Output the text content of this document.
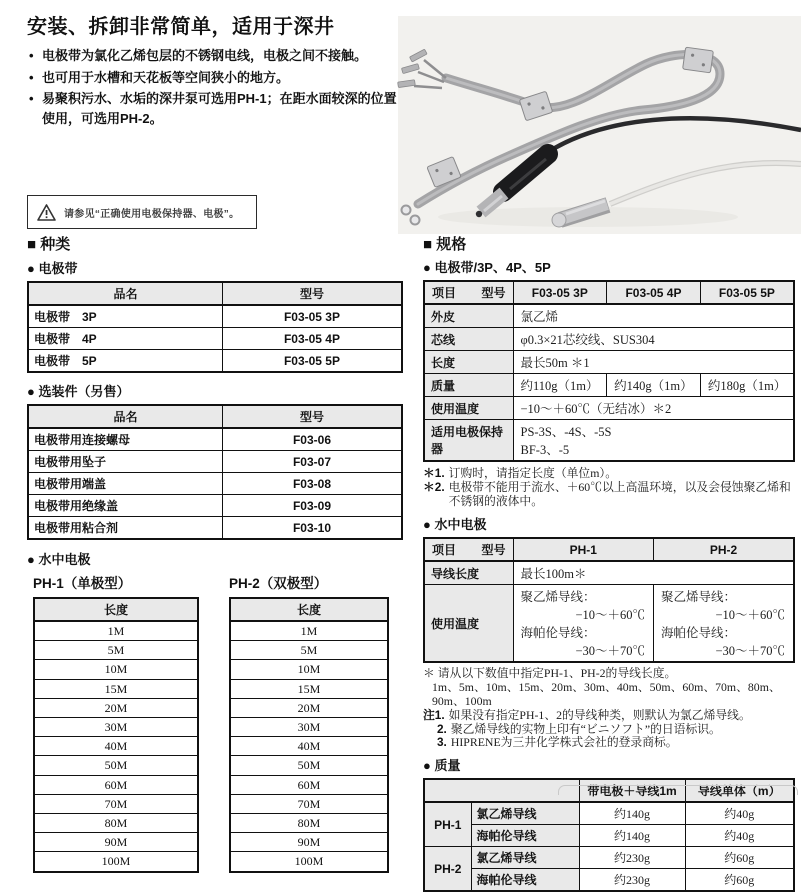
安装、拆卸非常简单，适用于深井
• 电极带为氯化乙烯包层的不锈钢电线，电极之间不接触。
• 也可用于水槽和天花板等空间狭小的地方。
• 易聚积污水、水垢的深井泵可选用PH-1；在距水面较深的位置使用，可选用PH-2。
请参见“正确使用电极保持器、电极”。
■ 种类
● 电极带
品名	型号
电极带　3P	F03-05 3P
电极带　4P	F03-05 4P
电极带　5P	F03-05 5P
● 选装件（另售）
品名	型号
电极带用连接螺母	F03-06
电极带用坠子	F03-07
电极带用端盖	F03-08
电极带用绝缘盖	F03-09
电极带用粘合剂	F03-10
● 水中电极
PH-1（单极型）
长度
1M
5M
10M
15M
20M
30M
40M
50M
60M
70M
80M
90M
100M
PH-2（双极型）
长度
1M
5M
10M
15M
20M
30M
40M
50M
60M
70M
80M
90M
100M
■ 规格
● 电极带/3P、4P、5P
项目 型号	F03-05 3P	F03-05 4P	F03-05 5P
外皮	氯乙烯		
芯线	φ0.3×21芯绞线、SUS304		
长度	最长50m ＊1		
质量	约110g（1m）	约140g（1m）	约180g（1m）
使用温度	−10～＋60℃（无结冰）＊2		
适用电极保持器	PS-3S、-4S、-5S
BF-3、-5		
＊1. 订购时，请指定长度（单位m）。
＊2. 电极带不能用于流水、＋60℃以上高温环境，以及会侵蚀聚乙烯和不锈钢的液体中。
● 水中电极
项目 型号	PH-1	PH-2
导线长度	最长100m＊	
使用温度	聚乙烯导线：
−10～＋60℃
海帕伦导线：
−30～＋70℃	聚乙烯导线：
−10～＋60℃
海帕伦导线：
−30～＋70℃
＊ 请从以下数值中指定PH-1、PH-2的导线长度。
1m、5m、10m、15m、20m、30m、40m、50m、60m、70m、80m、90m、100m
注1. 如果没有指定PH-1、2的导线种类，则默认为氯乙烯导线。
2. 聚乙烯导线的实物上印有“ビニソフト”的日语标识。
3. HIPRENE为三井化学株式会社的登录商标。
● 质量
		带电极＋导线1m	导线单体（m）
PH-1	氯乙烯导线	约140g	约40g
	海帕伦导线	约140g	约40g
PH-2	氯乙烯导线	约230g	约60g
	海帕伦导线	约230g	约60g
